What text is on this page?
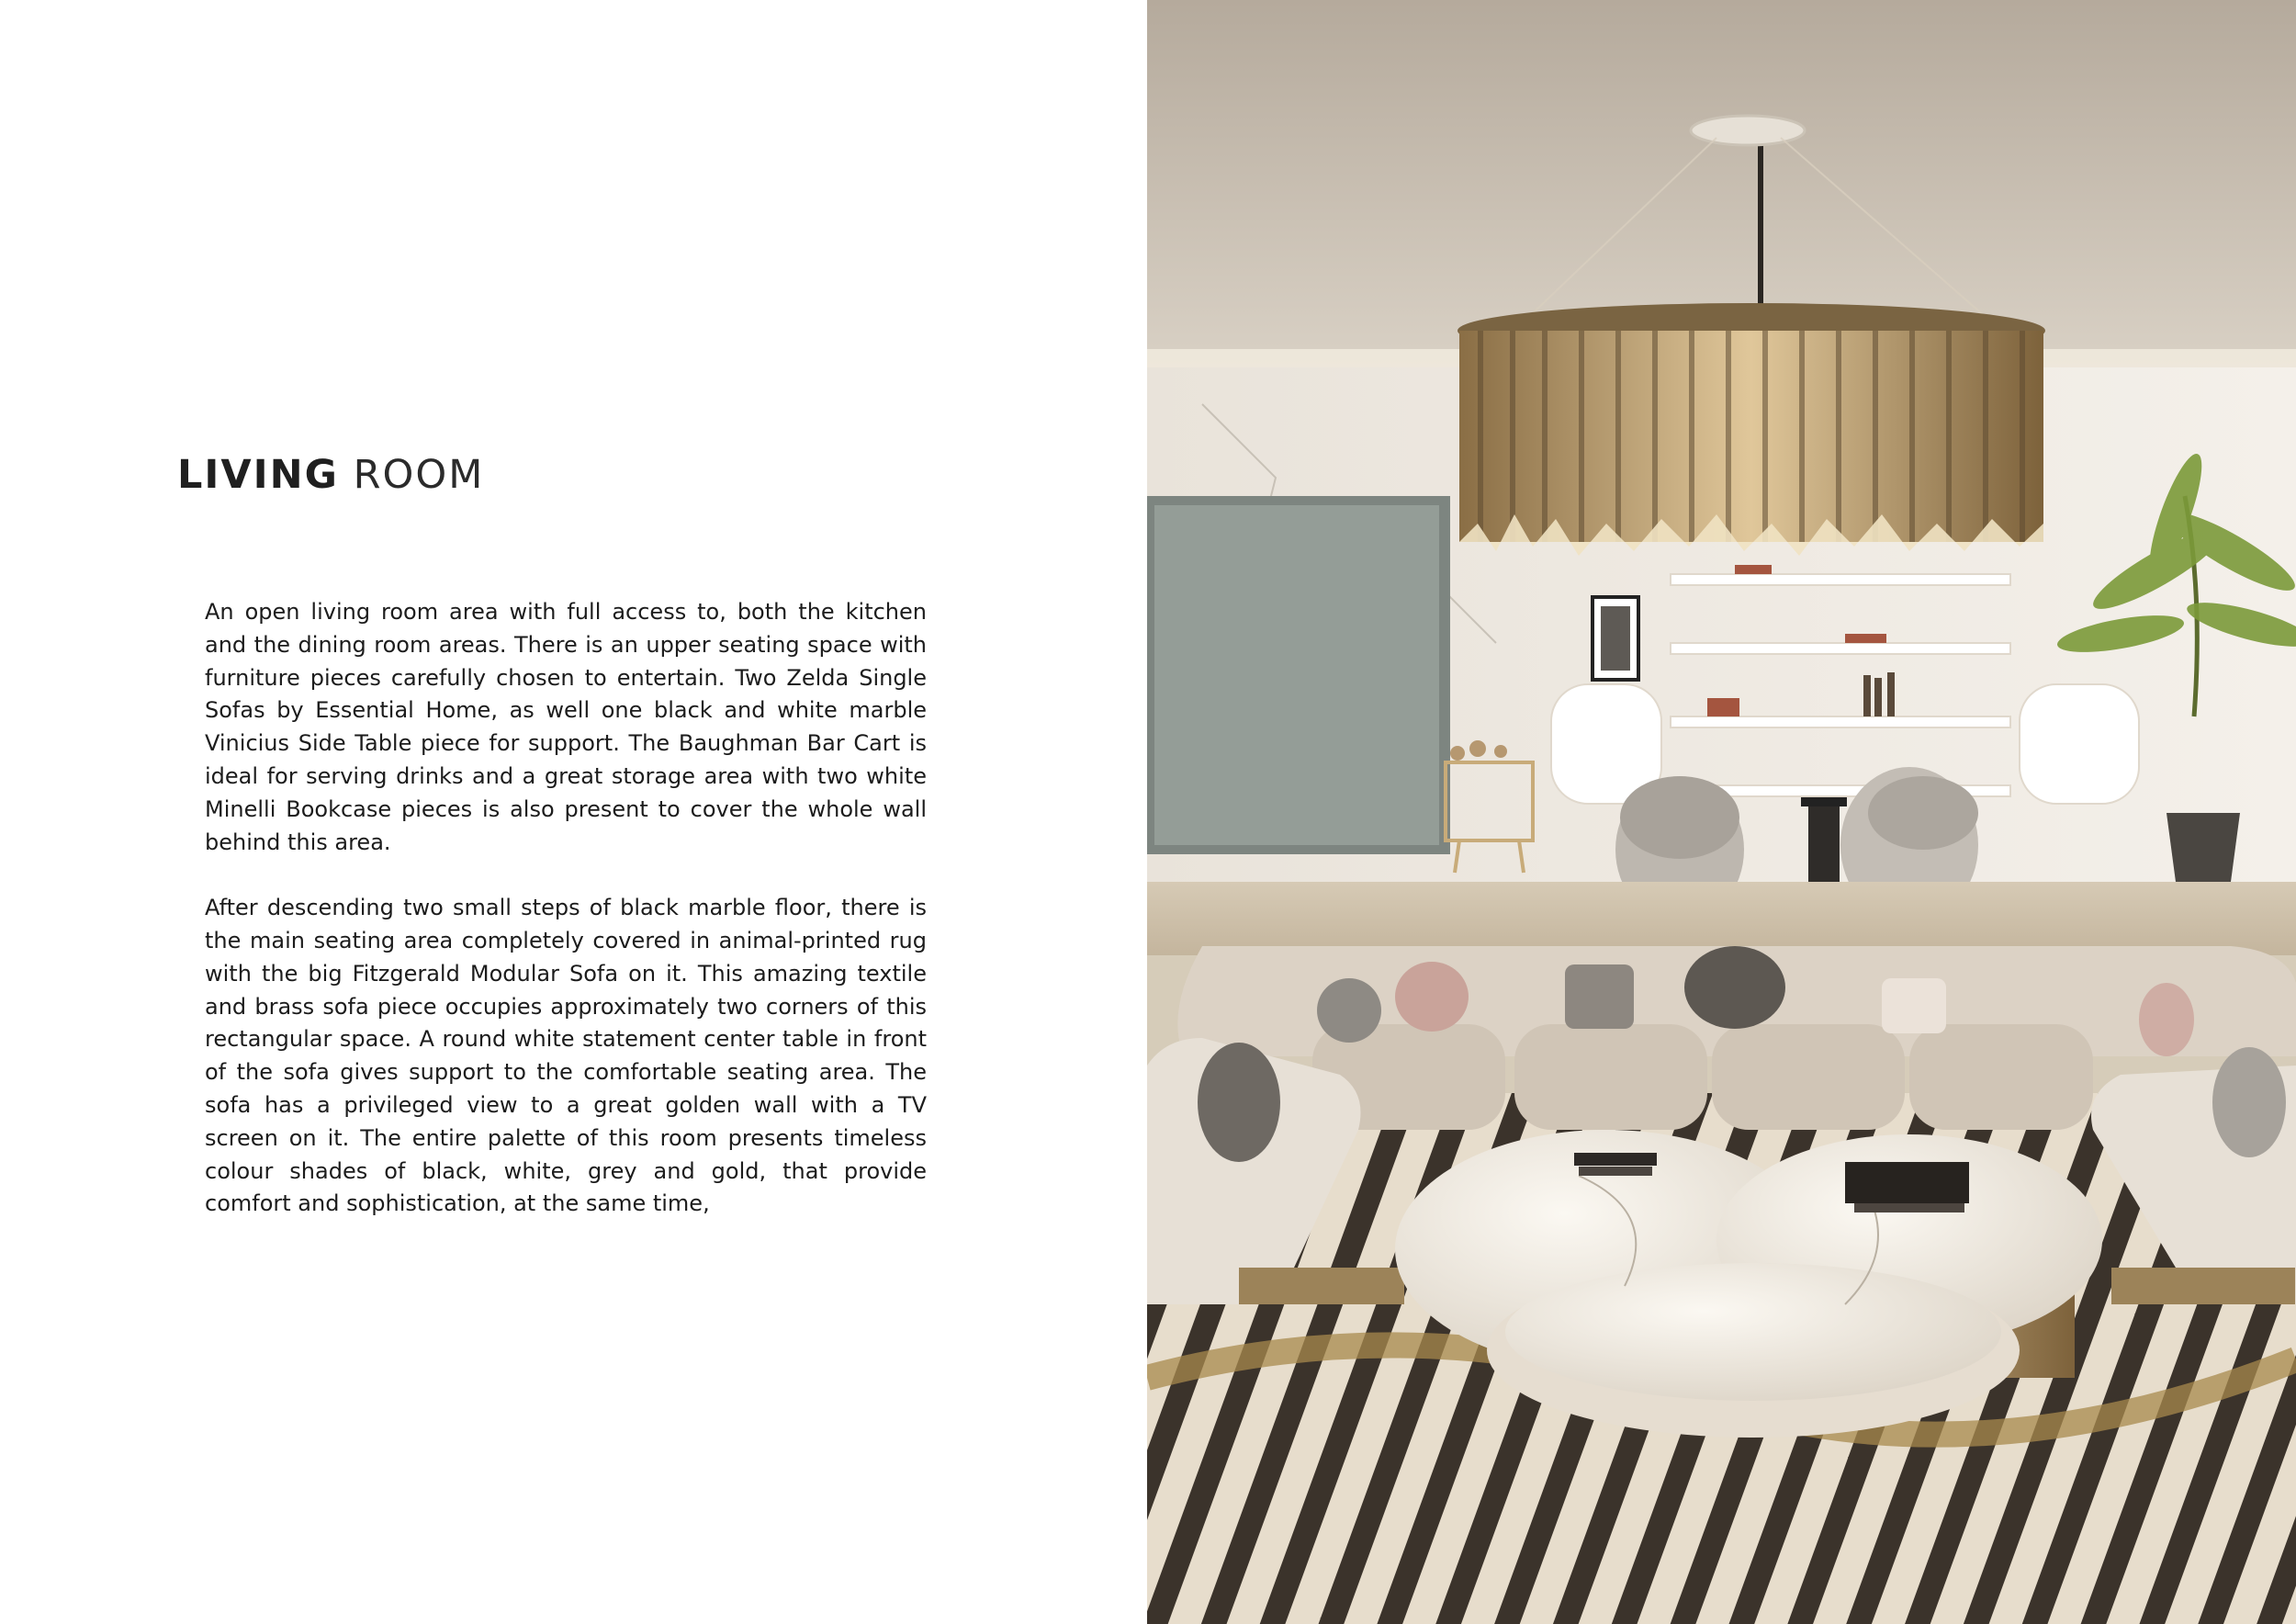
LIVING ROOM

An open living room area with full access to, both the kitchen and the dining room areas. There is an upper seating space with furniture pieces carefully chosen to entertain. Two Zelda Single Sofas by Essential Home, as well one black and white marble Vinicius Side Table piece for support. The Baughman Bar Cart is ideal for serving drinks and a great storage area with two white Minelli Bookcase pieces is also present to cover the whole wall behind this area.

After descending two small steps of black marble floor, there is the main seating area completely covered in animal-printed rug with the big Fitzgerald Modular Sofa on it. This amazing textile and brass sofa piece occupies approximately two corners of this rectangular space. A round white statement center table in front of the sofa gives support to the comfortable seating area. The sofa has a privileged view to a great golden wall with a TV screen on it. The entire palette of this room presents timeless colour shades of black, white, grey and gold, that provide comfort and sophistication, at the same time,
